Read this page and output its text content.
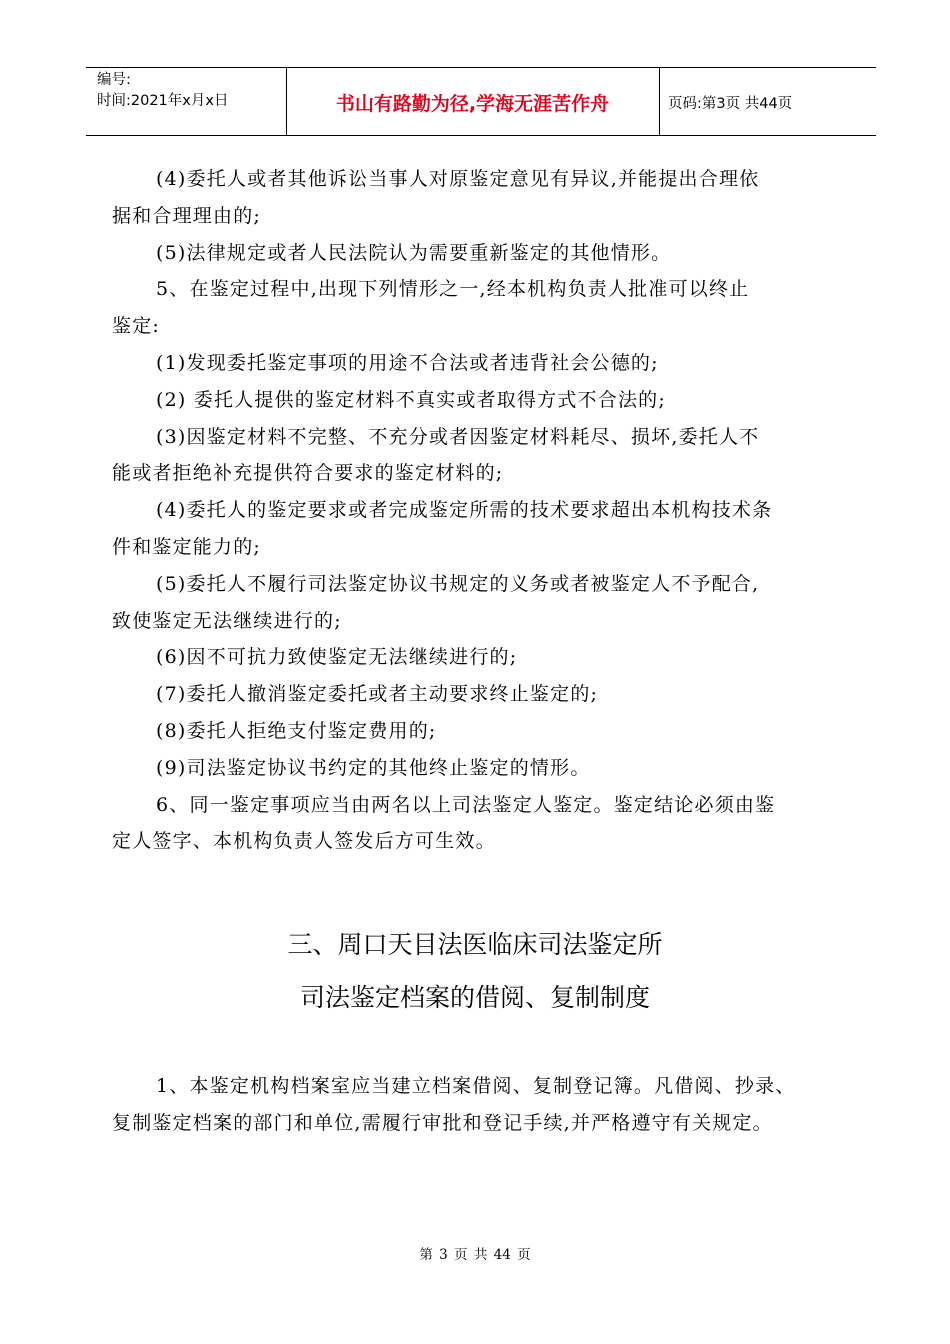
编号:
时间:2021年x月x日	书山有路勤为径,学海无涯苦作舟	页码:第3页 共44页

(4)委托人或者其他诉讼当事人对原鉴定意见有异议,并能提出合理依

据和合理理由的;

(5)法律规定或者人民法院认为需要重新鉴定的其他情形。

5、在鉴定过程中,出现下列情形之一,经本机构负责人批准可以终止

鉴定:

(1)发现委托鉴定事项的用途不合法或者违背社会公德的;

(2) 委托人提供的鉴定材料不真实或者取得方式不合法的;

(3)因鉴定材料不完整、不充分或者因鉴定材料耗尽、损坏,委托人不

能或者拒绝补充提供符合要求的鉴定材料的;

(4)委托人的鉴定要求或者完成鉴定所需的技术要求超出本机构技术条

件和鉴定能力的;

(5)委托人不履行司法鉴定协议书规定的义务或者被鉴定人不予配合,

致使鉴定无法继续进行的;

(6)因不可抗力致使鉴定无法继续进行的;

(7)委托人撤消鉴定委托或者主动要求终止鉴定的;

(8)委托人拒绝支付鉴定费用的;

(9)司法鉴定协议书约定的其他终止鉴定的情形。

6、同一鉴定事项应当由两名以上司法鉴定人鉴定。鉴定结论必须由鉴

定人签字、本机构负责人签发后方可生效。

三、周口天目法医临床司法鉴定所
司法鉴定档案的借阅、复制制度

1、本鉴定机构档案室应当建立档案借阅、复制登记簿。凡借阅、抄录、

复制鉴定档案的部门和单位,需履行审批和登记手续,并严格遵守有关规定。

第 3 页 共 44 页
